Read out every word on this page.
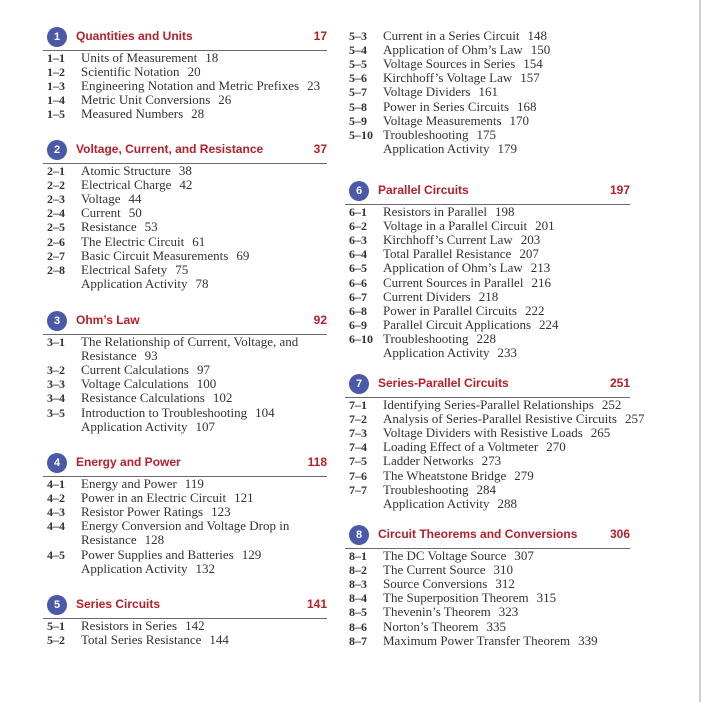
1	Quantities and Units	17
1–1 Units of Measurement 18
1–2 Scientific Notation 20
1–3 Engineering Notation and Metric Prefixes 23
1–4 Metric Unit Conversions 26
1–5 Measured Numbers 28
2	Voltage, Current, and Resistance	37
2–1 Atomic Structure 38
2–2 Electrical Charge 42
2–3 Voltage 44
2–4 Current 50
2–5 Resistance 53
2–6 The Electric Circuit 61
2–7 Basic Circuit Measurements 69
2–8 Electrical Safety 75
Application Activity 78
3	Ohm’s Law	92
3–1 The Relationship of Current, Voltage, and
Resistance 93
3–2 Current Calculations 97
3–3 Voltage Calculations 100
3–4 Resistance Calculations 102
3–5 Introduction to Troubleshooting 104
Application Activity 107
4	Energy and Power	118
4–1 Energy and Power 119
4–2 Power in an Electric Circuit 121
4–3 Resistor Power Ratings 123
4–4 Energy Conversion and Voltage Drop in
Resistance 128
4–5 Power Supplies and Batteries 129
Application Activity 132
5	Series Circuits	141
5–1 Resistors in Series 142
5–2 Total Series Resistance 144
5–3 Current in a Series Circuit 148
5–4 Application of Ohm’s Law 150
5–5 Voltage Sources in Series 154
5–6 Kirchhoff’s Voltage Law 157
5–7 Voltage Dividers 161
5–8 Power in Series Circuits 168
5–9 Voltage Measurements 170
5–10 Troubleshooting 175
Application Activity 179
6	Parallel Circuits	197
6–1 Resistors in Parallel 198
6–2 Voltage in a Parallel Circuit 201
6–3 Kirchhoff’s Current Law 203
6–4 Total Parallel Resistance 207
6–5 Application of Ohm’s Law 213
6–6 Current Sources in Parallel 216
6–7 Current Dividers 218
6–8 Power in Parallel Circuits 222
6–9 Parallel Circuit Applications 224
6–10 Troubleshooting 228
Application Activity 233
7	Series-Parallel Circuits	251
7–1 Identifying Series-Parallel Relationships 252
7–2 Analysis of Series-Parallel Resistive Circuits 257
7–3 Voltage Dividers with Resistive Loads 265
7–4 Loading Effect of a Voltmeter 270
7–5 Ladder Networks 273
7–6 The Wheatstone Bridge 279
7–7 Troubleshooting 284
Application Activity 288
8	Circuit Theorems and Conversions	306
8–1 The DC Voltage Source 307
8–2 The Current Source 310
8–3 Source Conversions 312
8–4 The Superposition Theorem 315
8–5 Thevenin’s Theorem 323
8–6 Norton’s Theorem 335
8–7 Maximum Power Transfer Theorem 339
